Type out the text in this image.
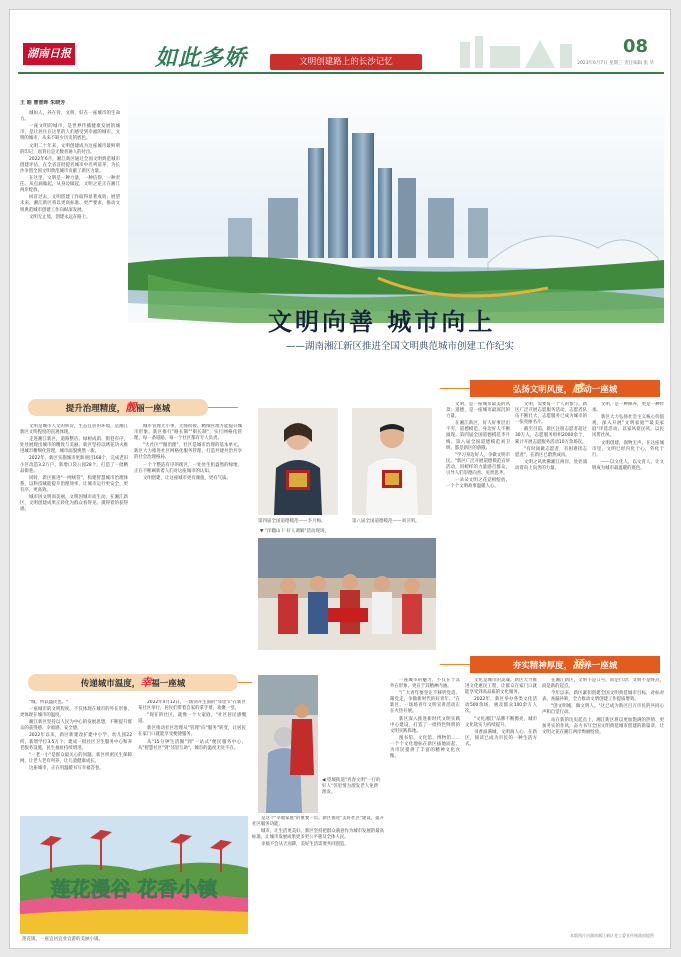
湖南日报	如此多娇	文明创建路上的长沙记忆
08
2023年6月7日 星期三 责任编辑 张 华
王 皓 曹普晖 朱晓芳

城如人，养在骨，文明，好在一座城市的生命力。

一座文明的城市，是世界传播健康发展的城市，是让居住在这里的人们感受到幸福的城市。文明的城市，从来不缺少历史的底色。

文明二十年来，文明创建成为这座城市最鲜明的印记，而背后是无数普通人的付出。

2022年6月，湘江新区通过全国文明典范城市创建评估，在全省首批提名城市中名列前茅，为长沙争创全国文明典范城市贡献了新区力量。

在这里，文明是一种力量，一种信仰，一种责任。从点滴做起，从身边做起，文明之花正在湘江两岸绽放。

回首过去，文明创建工作取得显著成效；展望未来，湘江新区将以更高标准、更严要求，推动文明典范城市创建工作向纵深发展。

文明无止境，创建永远在路上。

文明向善 城市向上
——湖南湘江新区推进全国文明典范城市创建工作纪实
提升治理精度，靓丽一座城

文明是城市人文的积淀，生态宜居的环境，是湘江新区文明程度的直观体现。

走进湘江新区，道路整洁、绿树成荫、街巷有序，处处展现出城市的精致与美丽。新区坚持以绣花功夫推进城市精细化管理，城市面貌焕然一新。

2022年，新区实施城市更新项目168个，完成老旧小区改造3.2万户，新增口袋公园28个，打造了一批精品街巷。

同时，新区推进"一网统管"，构建智慧城市治理体系，以科技赋能提升治理效率，让城市运行更安全、更有序、更高效。

城市因文明而美丽，文明因城市而生动。在湘江新区，文明创建成果正转化为群众看得见、摸得着的获得感。

城市管理无小事，无缝衔接、精细管理方能提升城市形象。新区推行"路长制""街长制"，实行网格化管理，每一条道路、每一个社区都有专人负责。

"大社区""微治理"，社区是城市治理的基本单元。新区大力推进社区网格化服务管理，打造共建共治共享的社会治理格局。

一个个整洁有序的街区，一处处生机盎然的绿地，正在不断刷新着人们对这座城市的认知。

文明创建，让这座城市更有颜值，更有气质。

弘扬文明风度，感动一座城
第四届全国道德模范——李月梅。	第八届全国道德模范——刘卫明。
▼ "洋翻山下 好人调解"活动现场。

文明，是一座城市最美的风景；道德，是一座城市最深沉的力量。

在湘江新区，好人好事层出不穷，道德模范、身边好人不断涌现。第四届全国道德模范李月梅、第八届全国道德模范刘卫明，都是新区的骄傲。

"学习身边好人，争做文明市民。"新区广泛开展道德模范宣讲活动，用榜样的力量感召群众，引导人们崇德向善、见贤思齐。

一朵朵文明之花竞相绽放，一个个文明故事温暖人心。

文明，需要每一个人的参与。新区广泛开展志愿服务活动，志愿者队伍不断壮大，志愿服务已成为城市的一张亮丽名片。

截至目前，新区注册志愿者超过30万人，志愿服务组织2000余个，累计开展志愿服务活动10万余场次。

"有时间做志愿者，有困难找志愿者"，在新区已蔚然成风。

文明之风吹拂湘江两岸，处处涌动着向上向善的力量。

文明，是一种修养，更是一种传承。

新区大力弘扬社会主义核心价值观，深入开展"文明家庭""最美家庭"评选活动，以家风促民风，以民风带社风。

文明创建，润物无声。在这座城市里，文明已经内化于心，外化于行。

——以文化人，以文育人，让文明成为城市最温暖的底色。

夯实精神厚度，涵养一座城
◀ 望城街道"青春文明"一行的好人"邻里情为理发老人免费理发。

一座城市的魅力，不仅在于其外在形象，更在于其精神内涵。

"广大青年要坚定不移听党话、跟党走，争做新时代的好青年。"在新区，一场场青年文明宣讲活动正在火热开展。

新区深入推进新时代文明实践中心建设，打造了一批特色鲜明的文明实践阵地。

图书馆、文化馆、博物馆……一个个文化地标在新区拔地而起，为市民提供了丰富的精神文化食粮。

文化是城市的灵魂。新区大力推进文化惠民工程，让群众在家门口就能享受到高品质的文化服务。

2022年，新区举办各类文化活动500余场，惠及群众100余万人次。

"文化湘江"品牌不断擦亮，城市文化软实力持续提升。

书香溢满城，文明润人心。在新区，阅读已成为市民的一种生活方式。

在湘江新区，文明不是口号，而是行动；文明不是终点，而是新的起点。

今年以来，新区紧扣创建全国文明典范城市目标，对标对表、查漏补缺，全力推动文明创建工作提质增效。

"创文明城，做文明人。"这已成为新区百万市民的共同心声和自觉行动。

站在新的历史起点上，湘江新区将以更加饱满的热情、更加务实的作风，奋力书写全国文明典范城市创建的新篇章，让文明之花在湘江两岸绚丽绽放。

传递城市温度，幸福一座城

"城，所以盛民也。"

一座城市的文明程度，不仅体现在城市的外在形象，更体现在城市的温度。

湘江新区坚持以人民为中心的发展思想，不断提升群众的获得感、幸福感、安全感。

2022年以来，新区新建改扩建中小学、幼儿园22所，新增学位3.5万个；建成一批社区卫生服务中心和养老服务设施，民生福祉持续增进。

"一老一小"是群众最关心的问题。新区织密民生保障网，让老人老有所养，让儿童健康成长。

这座城市，正在用温暖书写幸福答卷。

2022年4月12日，一场别开生面的"邻里节"在新区某社区举行，居民们带着自家的拿手菜，欢聚一堂。

"现在的社区，就像一个大家庭。"社区居民感慨道。

新区推动社区治理从"管理"向"服务"转变，让居民在家门口就能享受便捷服务。

从"15分钟生活圈"到"一站式"便民服务中心，从"智慧社区"到"邻里互助"，城市的温度无处不在。

是这个"幸福家庭"的重要一员。新区推进"美好社区"建设，提升社区服务功能。

城市，让生活更美好。新区坚持把群众满意作为城市发展的最高标准，让城市发展成果更多更公平惠及全体人民。

幸福不会从天而降，美好生活需要共同创造。

莲花漫谷 花香小镇
莲花镇，一座宜居宜业宜游的美丽小镇。
本版图片由湖南湘江新区党工委宣传统战部提供
